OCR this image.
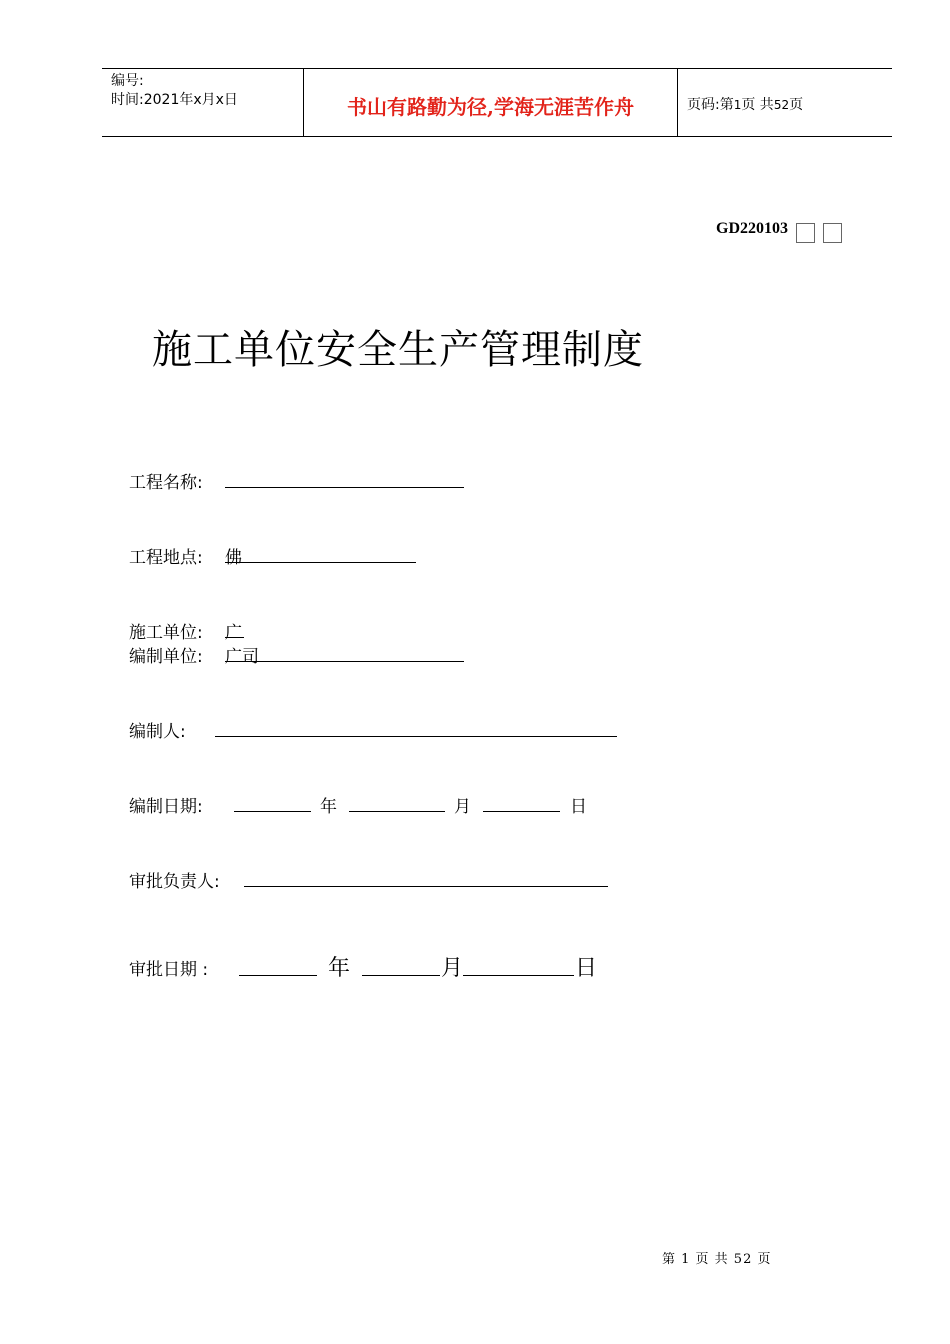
编号:
时间:2021年x月x日	书山有路勤为径,学海无涯苦作舟	页码:第1页 共52页
GD220103
施工单位安全生产管理制度
工程名称:
工程地点: 佛
施工单位: 广
编制单位: 广司
编制人:
编制日期:	年	月	日
审批负责人:
审批日期 :	年	月	日
第 1 页 共 52 页
